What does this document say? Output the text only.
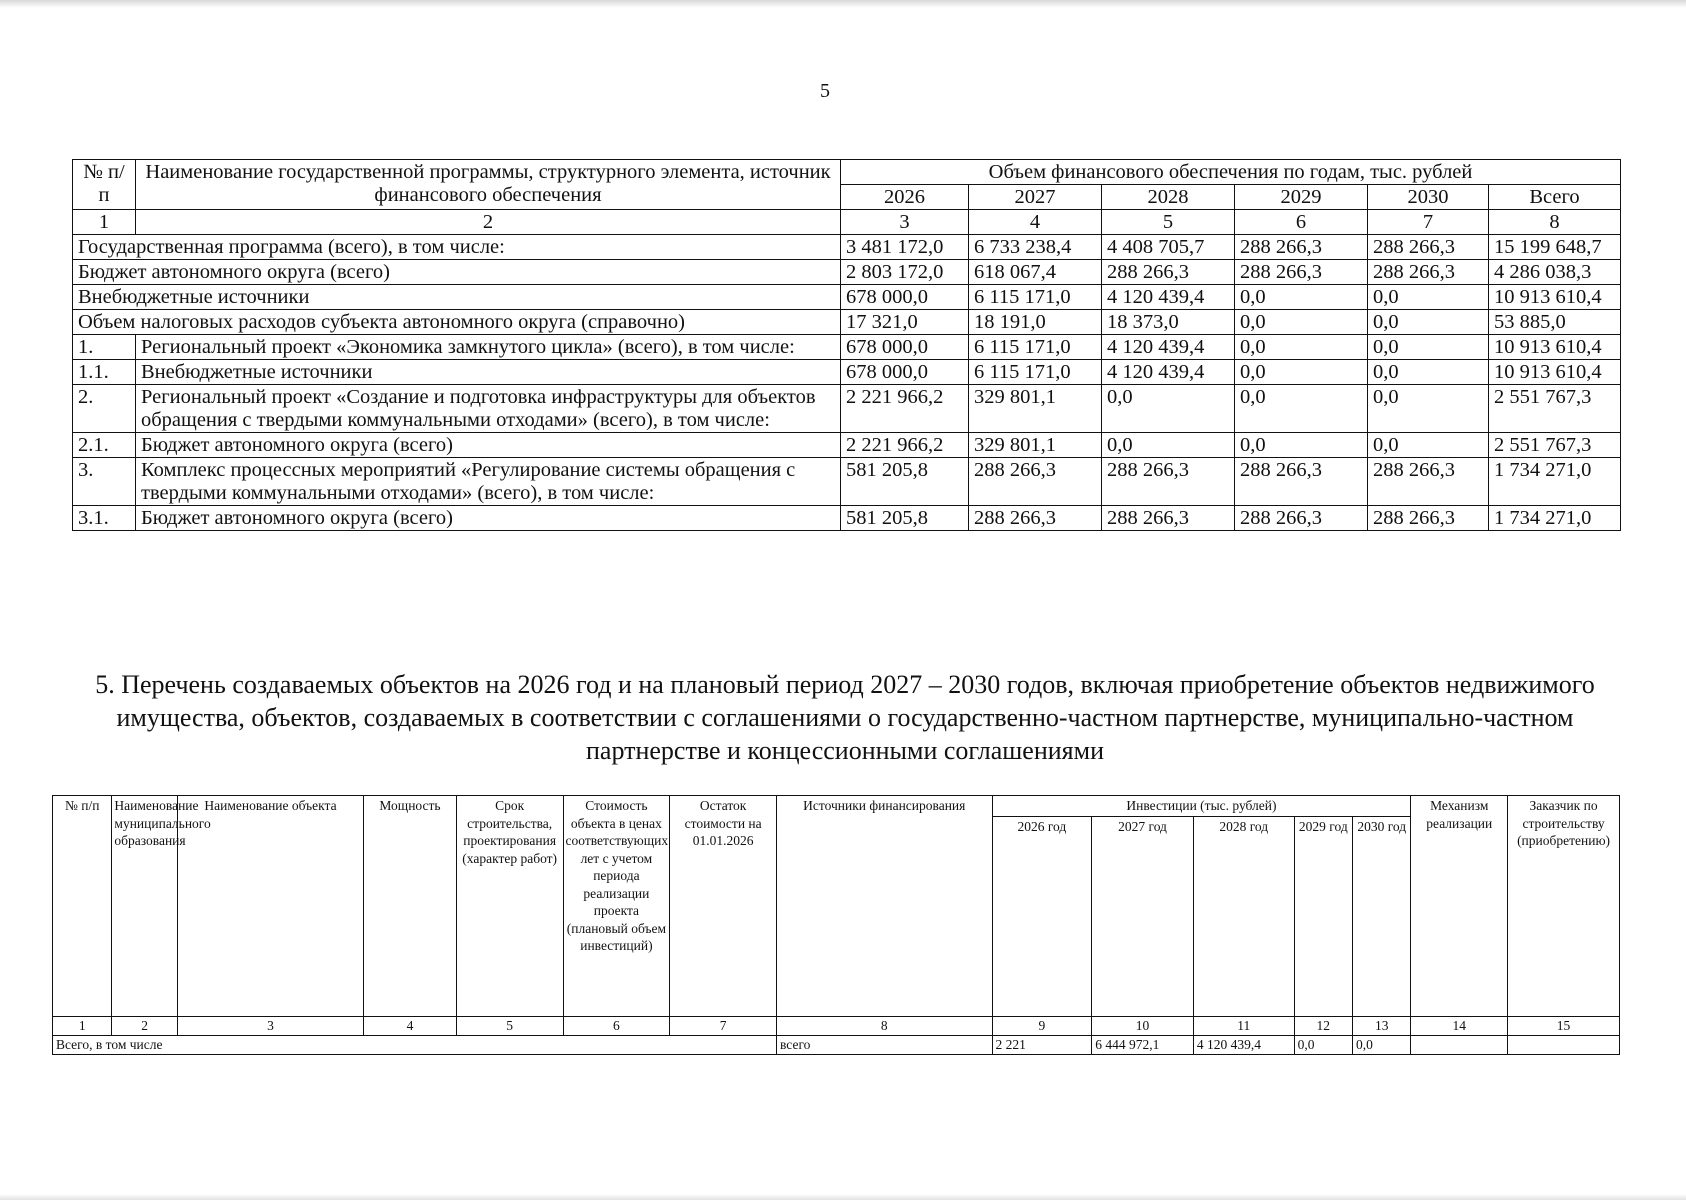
5
№ п/п	Наименование государственной программы, структурного элемента, источник финансового обеспечения	Объем финансового обеспечения по годам, тыс. рублей					
		2026	2027	2028	2029	2030	Всего
1	2	3	4	5	6	7	8
Государственная программа (всего), в том числе:		3 481 172,0	6 733 238,4	4 408 705,7	288 266,3	288 266,3	15 199 648,7
Бюджет автономного округа (всего)		2 803 172,0	618 067,4	288 266,3	288 266,3	288 266,3	4 286 038,3
Внебюджетные источники		678 000,0	6 115 171,0	4 120 439,4	0,0	0,0	10 913 610,4
Объем налоговых расходов субъекта автономного округа (справочно)		17 321,0	18 191,0	18 373,0	0,0	0,0	53 885,0
1.	Региональный проект «Экономика замкнутого цикла» (всего), в том числе:	678 000,0	6 115 171,0	4 120 439,4	0,0	0,0	10 913 610,4
1.1.	Внебюджетные источники	678 000,0	6 115 171,0	4 120 439,4	0,0	0,0	10 913 610,4
2.	Региональный проект «Создание и подготовка инфраструктуры для объектов обращения с твердыми коммунальными отходами» (всего), в том числе:	2 221 966,2	329 801,1	0,0	0,0	0,0	2 551 767,3
2.1.	Бюджет автономного округа (всего)	2 221 966,2	329 801,1	0,0	0,0	0,0	2 551 767,3
3.	Комплекс процессных мероприятий «Регулирование системы обращения с твердыми коммунальными отходами» (всего), в том числе:	581 205,8	288 266,3	288 266,3	288 266,3	288 266,3	1 734 271,0
3.1.	Бюджет автономного округа (всего)	581 205,8	288 266,3	288 266,3	288 266,3	288 266,3	1 734 271,0
5. Перечень создаваемых объектов на 2026 год и на плановый период 2027 – 2030 годов, включая приобретение объектов недвижимого имущества, объектов, создаваемых в соответствии с соглашениями о государственно-частном партнерстве, муниципально-частном партнерстве и концессионными соглашениями
№ п/п	Наименование муниципального образования	Наименование объекта	Мощность	Срок строительства, проектирования (характер работ)	Стоимость объекта в ценах соответствующих лет с учетом периода реализации проекта (плановый объем инвестиций)	Остаток стоимости на 01.01.2026	Источники финансирования	Инвестиции (тыс. рублей)					Механизм реализации	Заказчик по строительству (приобретению)
								2026 год	2027 год	2028 год	2029 год	2030 год		
1	2	3	4	5	6	7	8	9	10	11	12	13	14	15
Всего, в том числе							всего	2 221	6 444 972,1	4 120 439,4	0,0	0,0		
